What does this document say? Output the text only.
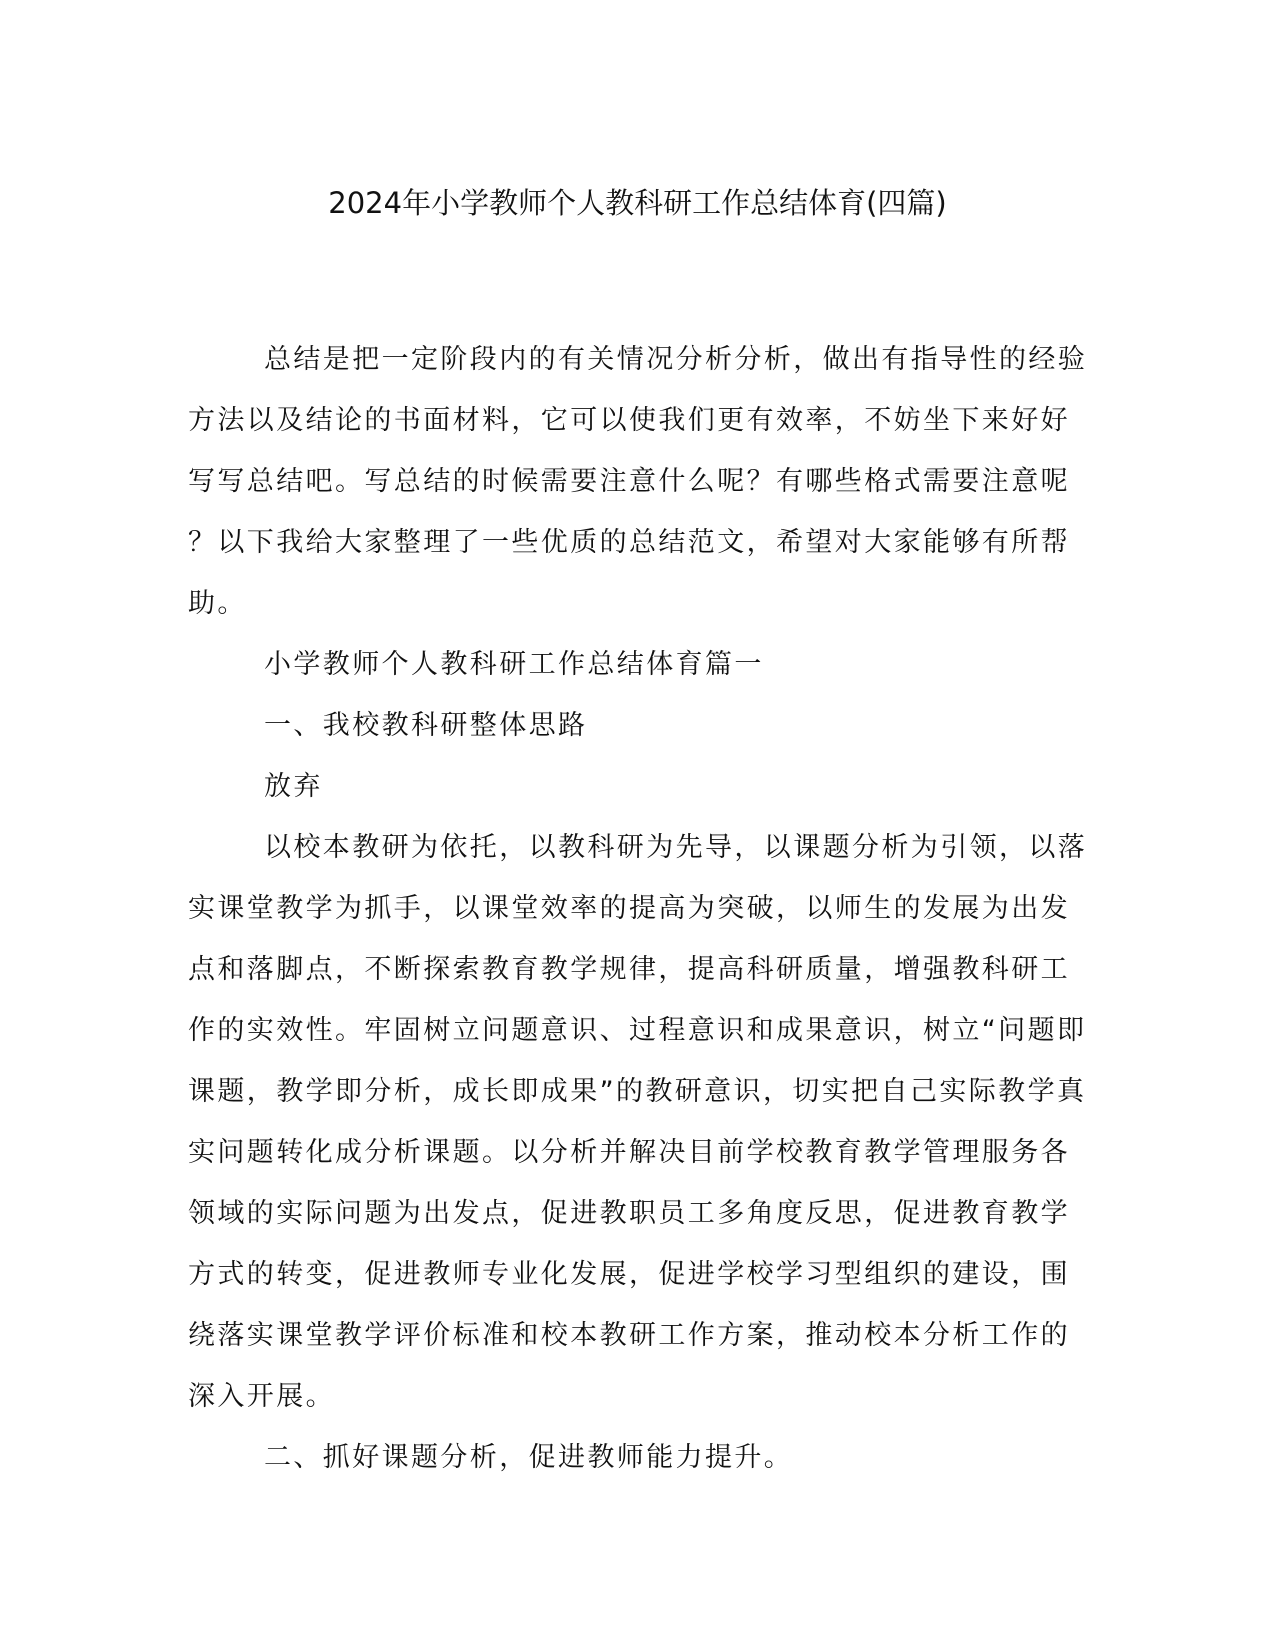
2024年小学教师个人教科研工作总结体育(四篇)
总结是把一定阶段内的有关情况分析分析，做出有指导性的经验
方法以及结论的书面材料，它可以使我们更有效率，不妨坐下来好好
写写总结吧。写总结的时候需要注意什么呢？有哪些格式需要注意呢
？以下我给大家整理了一些优质的总结范文，希望对大家能够有所帮
助。
小学教师个人教科研工作总结体育篇一
一、我校教科研整体思路
放弃
以校本教研为依托，以教科研为先导，以课题分析为引领，以落
实课堂教学为抓手，以课堂效率的提高为突破，以师生的发展为出发
点和落脚点，不断探索教育教学规律，提高科研质量，增强教科研工
作的实效性。牢固树立问题意识、过程意识和成果意识，树立“问题即
课题，教学即分析，成长即成果”的教研意识，切实把自己实际教学真
实问题转化成分析课题。以分析并解决目前学校教育教学管理服务各
领域的实际问题为出发点，促进教职员工多角度反思，促进教育教学
方式的转变，促进教师专业化发展，促进学校学习型组织的建设，围
绕落实课堂教学评价标准和校本教研工作方案，推动校本分析工作的
深入开展。
二、抓好课题分析，促进教师能力提升。
